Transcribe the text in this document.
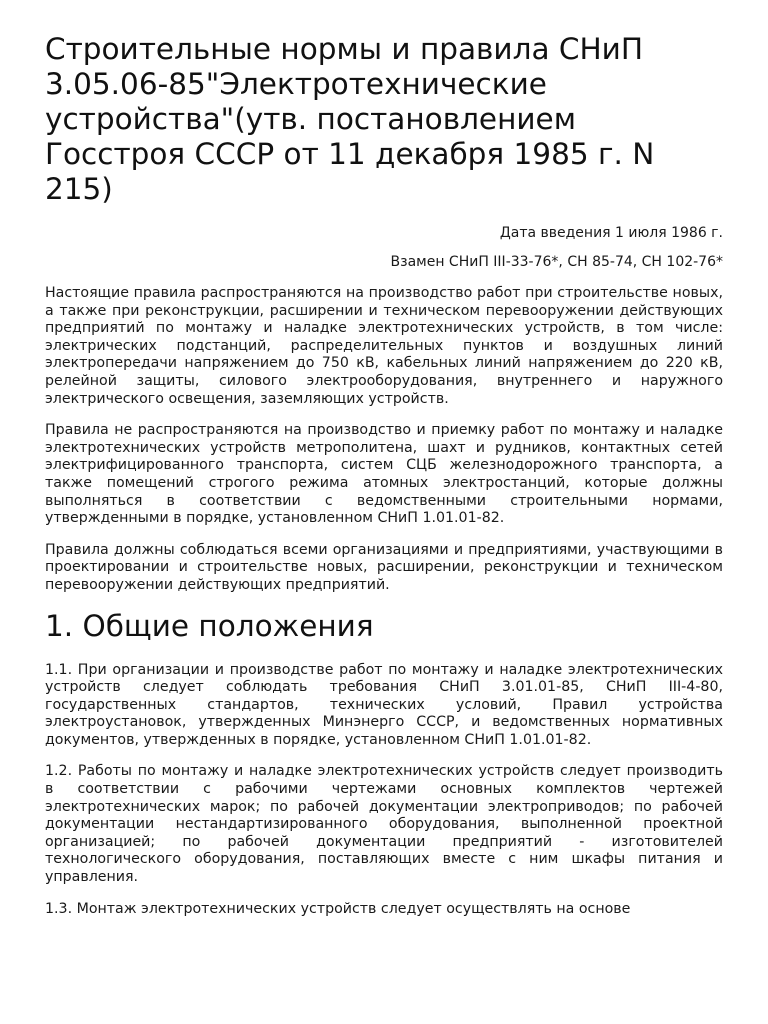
Строительные нормы и правила СНиП 3.05.06-85"Электротехнические устройства"(утв. постановлением Госстроя СССР от 11 декабря 1985 г. N 215)

Дата введения 1 июля 1986 г.

Взамен СНиП III-33-76*, СН 85-74, СН 102-76*

Настоящие правила распространяются на производство работ при строительстве новых, а также при реконструкции, расширении и техническом перевооружении действующих предприятий по монтажу и наладке электротехнических устройств, в том числе: электрических подстанций, распределительных пунктов и воздушных линий электропередачи напряжением до 750 кВ, кабельных линий напряжением до 220 кВ, релейной защиты, силового электрооборудования, внутреннего и наружного электрического освещения, заземляющих устройств.

Правила не распространяются на производство и приемку работ по монтажу и наладке электротехнических устройств метрополитена, шахт и рудников, контактных сетей электрифицированного транспорта, систем СЦБ железнодорожного транспорта, а также помещений строгого режима атомных электростанций, которые должны выполняться в соответствии с ведомственными строительными нормами, утвержденными в порядке, установленном СНиП 1.01.01-82.

Правила должны соблюдаться всеми организациями и предприятиями, участвующими в проектировании и строительстве новых, расширении, реконструкции и техническом перевооружении действующих предприятий.

1. Общие положения

1.1. При организации и производстве работ по монтажу и наладке электротехнических устройств следует соблюдать требования СНиП 3.01.01-85, СНиП III-4-80, государственных стандартов, технических условий, Правил устройства электроустановок, утвержденных Минэнерго СССР, и ведомственных нормативных документов, утвержденных в порядке, установленном СНиП 1.01.01-82.

1.2. Работы по монтажу и наладке электротехнических устройств следует производить в соответствии с рабочими чертежами основных комплектов чертежей электротехнических марок; по рабочей документации электроприводов; по рабочей документации нестандартизированного оборудования, выполненной проектной организацией; по рабочей документации предприятий - изготовителей технологического оборудования, поставляющих вместе с ним шкафы питания и управления.

1.3. Монтаж электротехнических устройств следует осуществлять на основе
